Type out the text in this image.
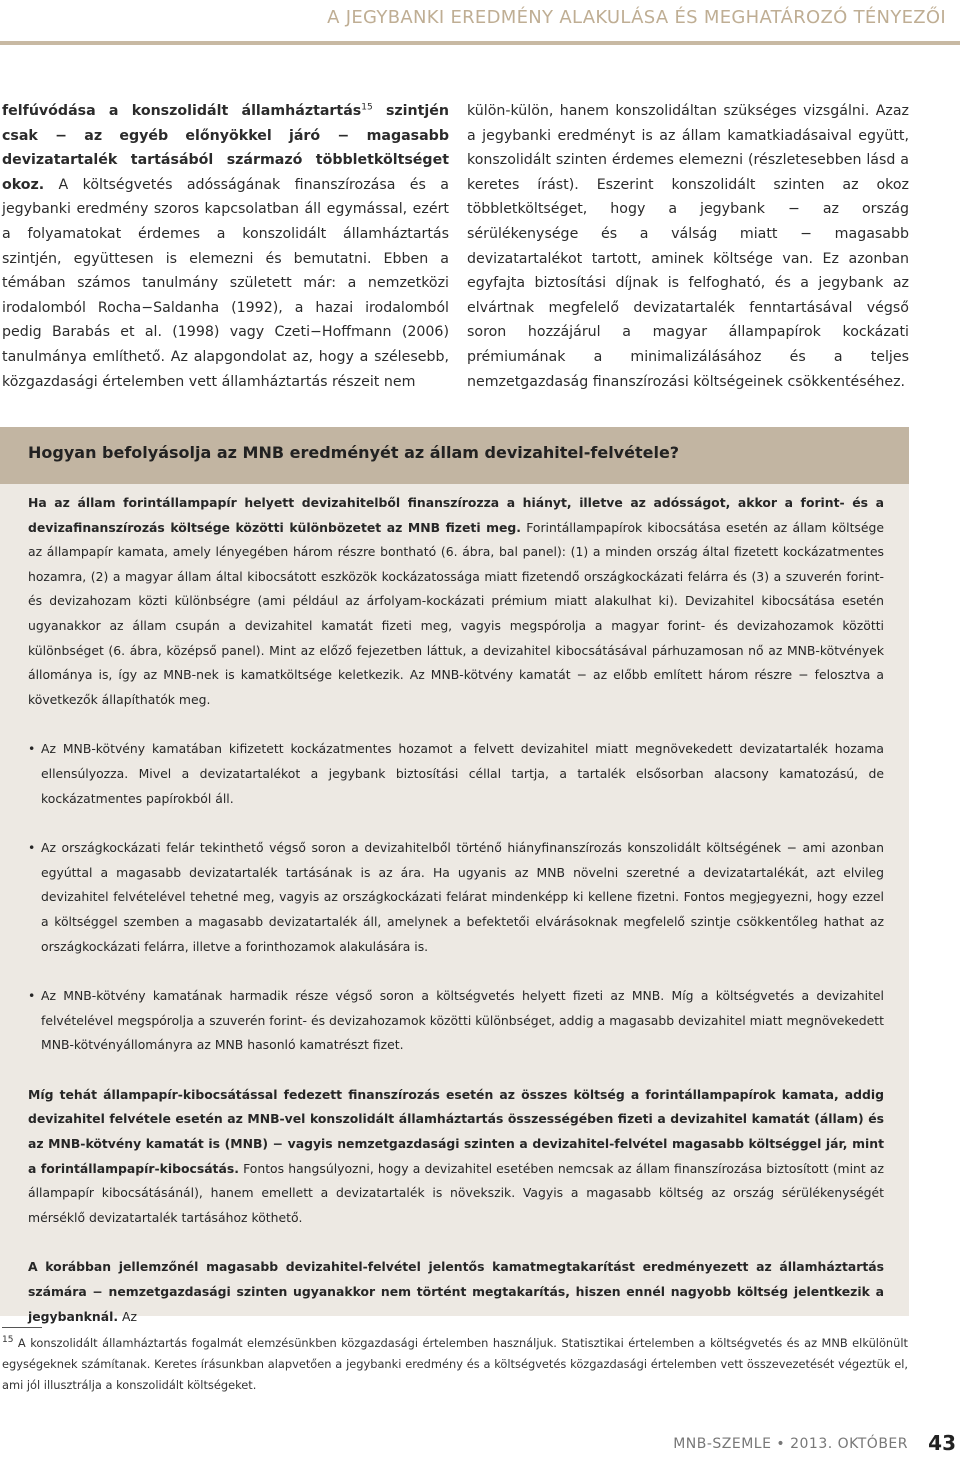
A JEGYBANKI EREDMÉNY ALAKULÁSA ÉS MEGHATÁROZÓ TÉNYEZŐI

felfúvódása a konszolidált államháztartás$^{15}$ szintjén csak − az egyéb előnyökkel járó − magasabb devizatartalék tartásából származó többletköltséget okoz. A költségvetés adósságának finanszírozása és a jegybanki eredmény szoros kapcsolatban áll egymással, ezért a folyamatokat érdemes a konszolidált államháztartás szintjén, együttesen is elemezni és bemutatni. Ebben a témában számos tanulmány született már: a nemzetközi irodalomból Rocha−Saldanha (1992), a hazai irodalomból pedig Barabás et al. (1998) vagy Czeti−Hoffmann (2006) tanulmánya említhető. Az alapgondolat az, hogy a szélesebb, közgazdasági értelemben vett államháztartás részeit nem

külön-külön, hanem konszolidáltan szükséges vizsgálni. Azaz a jegybanki eredményt is az állam kamatkiadásaival együtt, konszolidált szinten érdemes elemezni (részletesebben lásd a keretes írást). Eszerint konszolidált szinten az okoz többletköltséget, hogy a jegybank − az ország sérülékenysége és a válság miatt − magasabb devizatartalékot tartott, aminek költsége van. Ez azonban egyfajta biztosítási díjnak is felfogható, és a jegybank az elvártnak megfelelő devizatartalék fenntartásával végső soron hozzájárul a magyar állampapírok kockázati prémiumának a minimalizálásához és a teljes nemzetgazdaság finanszírozási költségeinek csökkentéséhez.

Hogyan befolyásolja az MNB eredményét az állam devizahitel-felvétele?

Ha az állam forintállampapír helyett devizahitelből finanszírozza a hiányt, illetve az adósságot, akkor a forint- és a devizafinanszírozás költsége közötti különbözetet az MNB fizeti meg. Forintállampapírok kibocsátása esetén az állam költsége az állampapír kamata, amely lényegében három részre bontható (6. ábra, bal panel): (1) a minden ország által fizetett kockázatmentes hozamra, (2) a magyar állam által kibocsátott eszközök kockázatossága miatt fizetendő országkockázati felárra és (3) a szuverén forint- és devizahozam közti különbségre (ami például az árfolyam-kockázati prémium miatt alakulhat ki). Devizahitel kibocsátása esetén ugyanakkor az állam csupán a devizahitel kamatát fizeti meg, vagyis megspórolja a magyar forint- és devizahozamok közötti különbséget (6. ábra, középső panel). Mint az előző fejezetben láttuk, a devizahitel kibocsátásával párhuzamosan nő az MNB-kötvények állománya is, így az MNB-nek is kamatköltsége keletkezik. Az MNB-kötvény kamatát − az előbb említett három részre − felosztva a következők állapíthatók meg.

• Az MNB-kötvény kamatában kifizetett kockázatmentes hozamot a felvett devizahitel miatt megnövekedett devizatartalék hozama ellensúlyozza. Mivel a devizatartalékot a jegybank biztosítási céllal tartja, a tartalék elsősorban alacsony kamatozású, de kockázatmentes papírokból áll.
• Az országkockázati felár tekinthető végső soron a devizahitelből történő hiányfinanszírozás konszolidált költségének − ami azonban egyúttal a magasabb devizatartalék tartásának is az ára. Ha ugyanis az MNB növelni szeretné a devizatartalékát, azt elvileg devizahitel felvételével tehetné meg, vagyis az országkockázati felárat mindenképp ki kellene fizetni. Fontos megjegyezni, hogy ezzel a költséggel szemben a magasabb devizatartalék áll, amelynek a befektetői elvárásoknak megfelelő szintje csökkentőleg hathat az országkockázati felárra, illetve a forinthozamok alakulására is.
• Az MNB-kötvény kamatának harmadik része végső soron a költségvetés helyett fizeti az MNB. Míg a költségvetés a devizahitel felvételével megspórolja a szuverén forint- és devizahozamok közötti különbséget, addig a magasabb devizahitel miatt megnövekedett MNB-kötvényállományra az MNB hasonló kamatrészt fizet.

Míg tehát állampapír-kibocsátással fedezett finanszírozás esetén az összes költség a forintállampapírok kamata, addig devizahitel felvétele esetén az MNB-vel konszolidált államháztartás összességében fizeti a devizahitel kamatát (állam) és az MNB-kötvény kamatát is (MNB) − vagyis nemzetgazdasági szinten a devizahitel-felvétel magasabb költséggel jár, mint a forintállampapír-kibocsátás. Fontos hangsúlyozni, hogy a devizahitel esetében nemcsak az állam finanszírozása biztosított (mint az állampapír kibocsátásánál), hanem emellett a devizatartalék is növekszik. Vagyis a magasabb költség az ország sérülékenységét mérséklő devizatartalék tartásához köthető.

A korábban jellemzőnél magasabb devizahitel-felvétel jelentős kamatmegtakarítást eredményezett az államháztartás számára − nemzetgazdasági szinten ugyanakkor nem történt megtakarítás, hiszen ennél nagyobb költség jelentkezik a jegybanknál. Az

$^{15}$ A konszolidált államháztartás fogalmát elemzésünkben közgazdasági értelemben használjuk. Statisztikai értelemben a költségvetés és az MNB elkülönült egységeknek számítanak. Keretes írásunkban alapvetően a jegybanki eredmény és a költségvetés közgazdasági értelemben vett összevezetését végeztük el, ami jól illusztrálja a konszolidált költségeket.
MNB-SZEMLE • 2013. OKTÓBER 43
